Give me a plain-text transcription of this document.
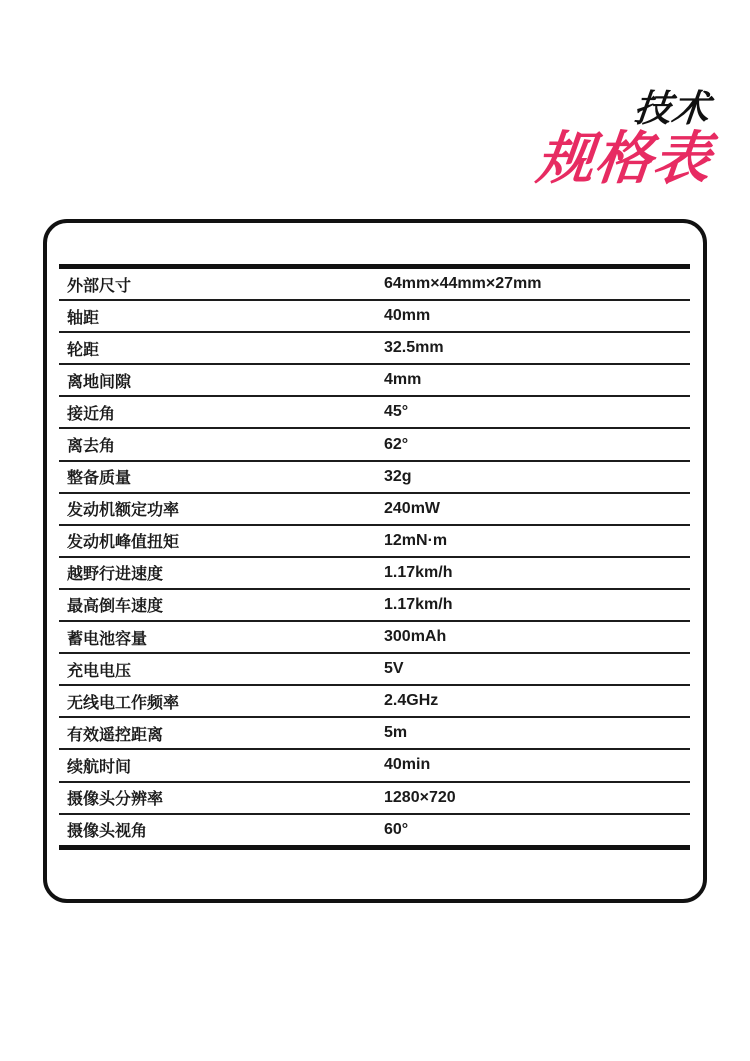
技术
规格表
外部尺寸	64mm×44mm×27mm
轴距	40mm
轮距	32.5mm
离地间隙	4mm
接近角	45°
离去角	62°
整备质量	32g
发动机额定功率	240mW
发动机峰值扭矩	12mN·m
越野行进速度	1.17km/h
最高倒车速度	1.17km/h
蓄电池容量	300mAh
充电电压	5V
无线电工作频率	2.4GHz
有效遥控距离	5m
续航时间	40min
摄像头分辨率	1280×720
摄像头视角	60°
